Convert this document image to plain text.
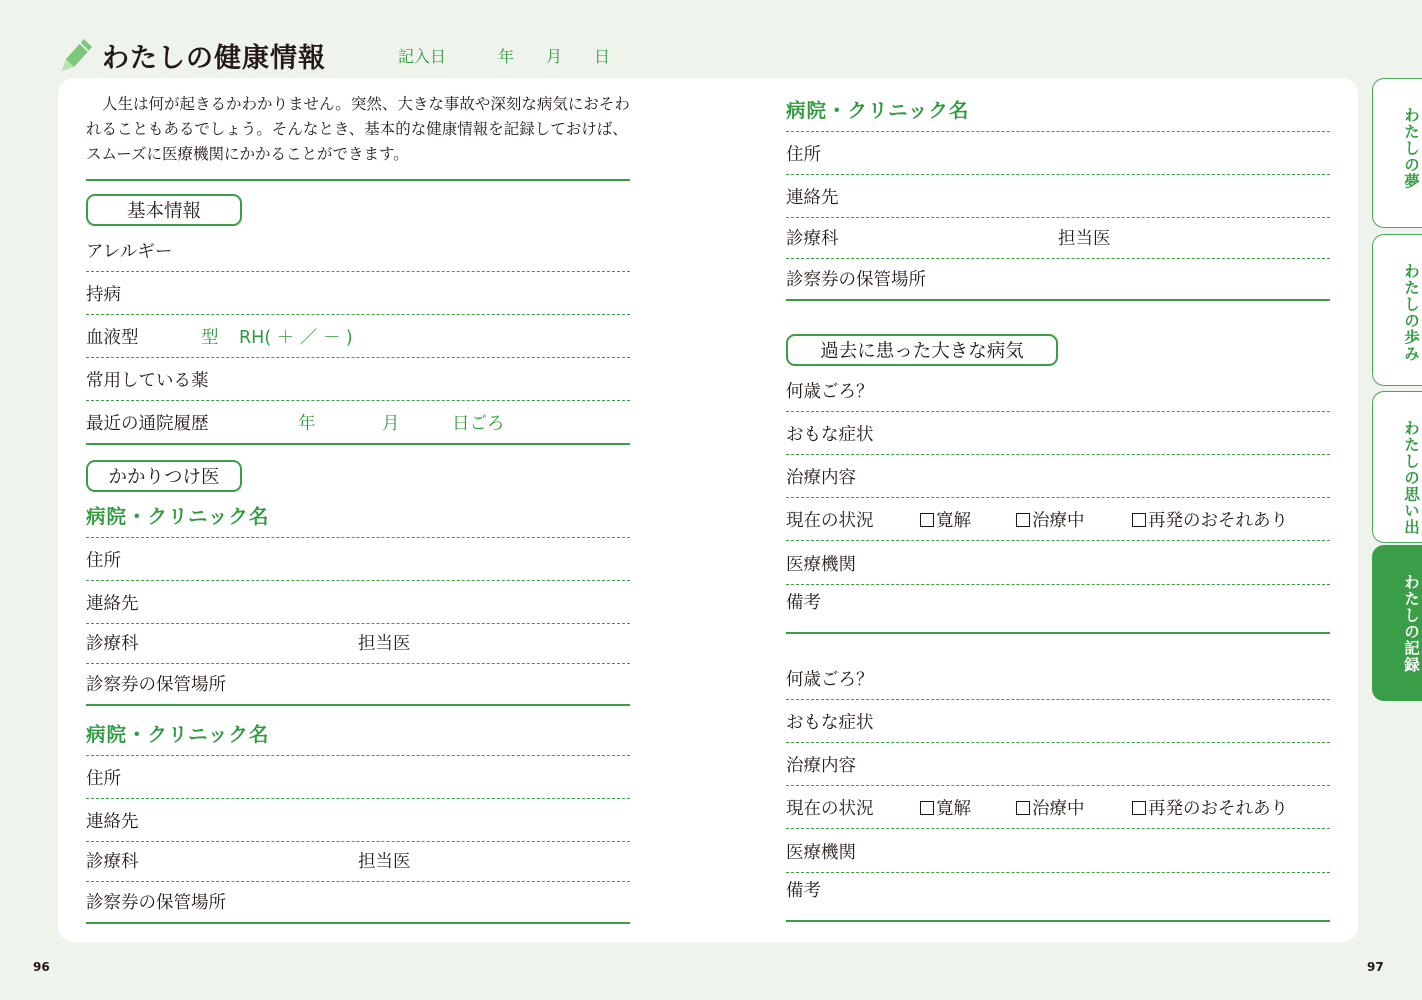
わたしの健康情報	記入日	年 月 日
人生は何が起きるかわかりません。突然、大きな事故や深刻な病気におそわれることもあるでしょう。そんなとき、基本的な健康情報を記録しておけば、スムーズに医療機関にかかることができます。
基本情報
アレルギー
持病
血液型	型	RH( ＋ ／ － )
常用している薬
最近の通院履歴	年	月	日ごろ
かかりつけ医
病院・クリニック名
住所
連絡先
診療科	担当医
診察券の保管場所
病院・クリニック名
住所
連絡先
診療科	担当医
診察券の保管場所
病院・クリニック名
住所
連絡先
診療科	担当医
診察券の保管場所
過去に患った大きな病気
何歳ごろ？
おもな症状
治療内容
現在の状況	寛解	治療中	再発のおそれあり
医療機関
備考
何歳ごろ？
おもな症状
治療内容
現在の状況	寛解	治療中	再発のおそれあり
医療機関
備考
わたしの夢
わたしの歩み
わたしの思い出
わたしの記録
96	97
